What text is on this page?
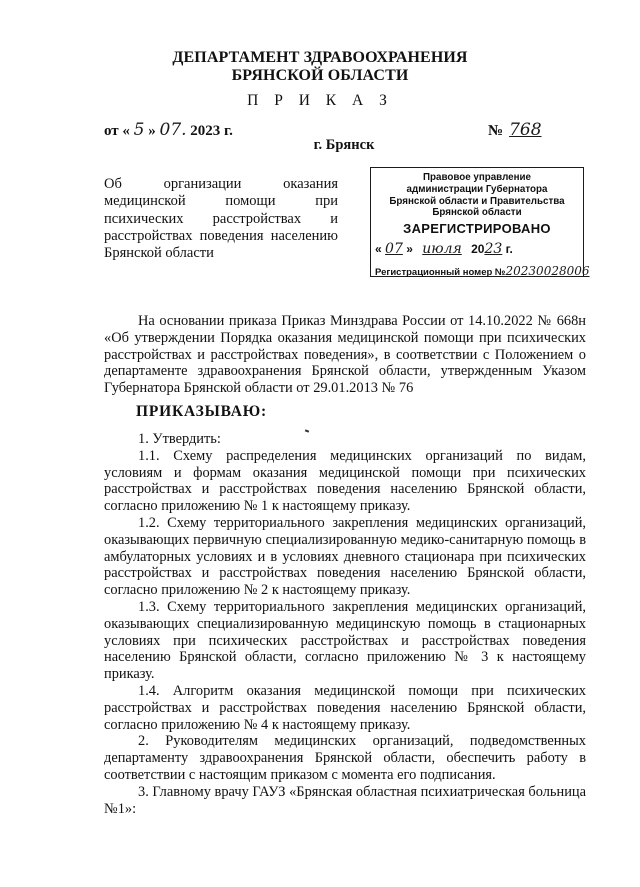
ДЕПАРТАМЕНТ ЗДРАВООХРАНЕНИЯ
БРЯНСКОЙ ОБЛАСТИ
П Р И К А З
от « 5 » 07. 2023 г.	№ 768
г. Брянск
Об организации оказания медицинской помощи при психических расстройствах и расстройствах поведения населению Брянской области
Правовое управление
администрации Губернатора
Брянской области и Правительства
Брянской области
ЗАРЕГИСТРИРОВАНО
« 07 » июля 2023 г.
Регистрационный номер №20230028006

На основании приказа Приказ Минздрава России от 14.10.2022 № 668н «Об утверждении Порядка оказания медицинской помощи при психических расстройствах и расстройствах поведения», в соответствии с Положением о департаменте здравоохранения Брянской области, утвержденным Указом Губернатора Брянской области от 29.01.2013 № 76

ПРИКАЗЫВАЮ:

1. Утвердить:

1.1. Схему распределения медицинских организаций по видам, условиям и формам оказания медицинской помощи при психических расстройствах и расстройствах поведения населению Брянской области, согласно приложению № 1 к настоящему приказу.

1.2. Схему территориального закрепления медицинских организаций, оказывающих первичную специализированную медико-санитарную помощь в амбулаторных условиях и в условиях дневного стационара при психических расстройствах и расстройствах поведения населению Брянской области, согласно приложению № 2 к настоящему приказу.

1.3. Схему территориального закрепления медицинских организаций, оказывающих специализированную медицинскую помощь в стационарных условиях при психических расстройствах и расстройствах поведения населению Брянской области, согласно приложению № 3 к настоящему приказу.

1.4. Алгоритм оказания медицинской помощи при психических расстройствах и расстройствах поведения населению Брянской области, согласно приложению № 4 к настоящему приказу.

2. Руководителям медицинских организаций, подведомственных департаменту здравоохранения Брянской области, обеспечить работу в соответствии с настоящим приказом с момента его подписания.

3. Главному врачу ГАУЗ «Брянская областная психиатрическая больница №1»:
